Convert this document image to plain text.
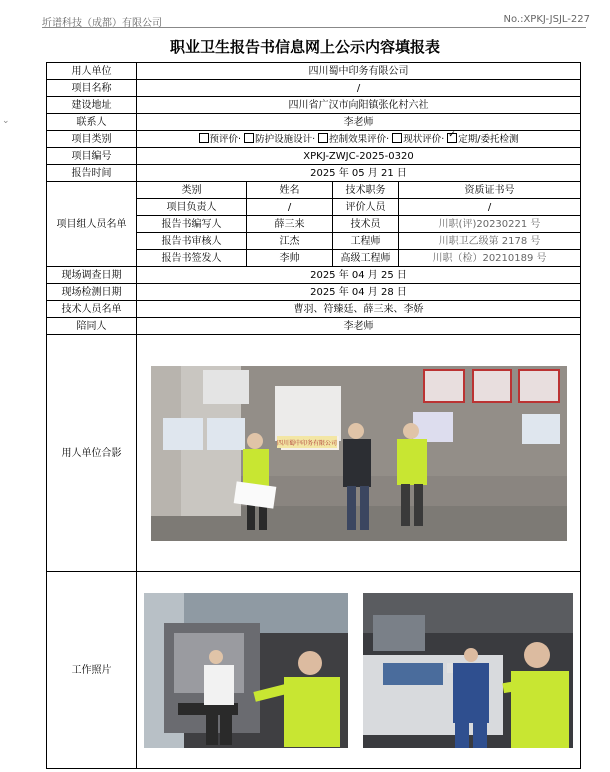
圻谱科技（成都）有限公司	No.:XPKJ-JSJL-227
职业卫生报告书信息网上公示内容填报表
⌄
用人单位	四川蜀中印务有限公司			
项目名称	/			
建设地址	四川省广汉市向阳镇张化村六社			
联系人	李老师			
项目类别	预评价· 防护设施设计· 控制效果评价· 现状评价· ✓定期/委托检测
项目编号	XPKJ-ZWJC-2025-0320			
报告时间	2025 年 05 月 21 日			
项目组人员名单	类别	姓名	技术职务	资质证书号
	项目负责人	/	评价人员	/
	报告书编写人	薛三来	技术员	川职(评)20230221 号
	报告书审核人	江杰	工程师	川职卫乙级第 2178 号
	报告书签发人	李帅	高级工程师	川职（检）20210189 号
现场调查日期	2025 年 04 月 25 日			
现场检测日期	2025 年 04 月 28 日			
技术人员名单	曹羽、符臻廷、薛三来、李娇			
陪同人	李老师			
用人单位合影	四川蜀中印务有限公司			

工作照片	
